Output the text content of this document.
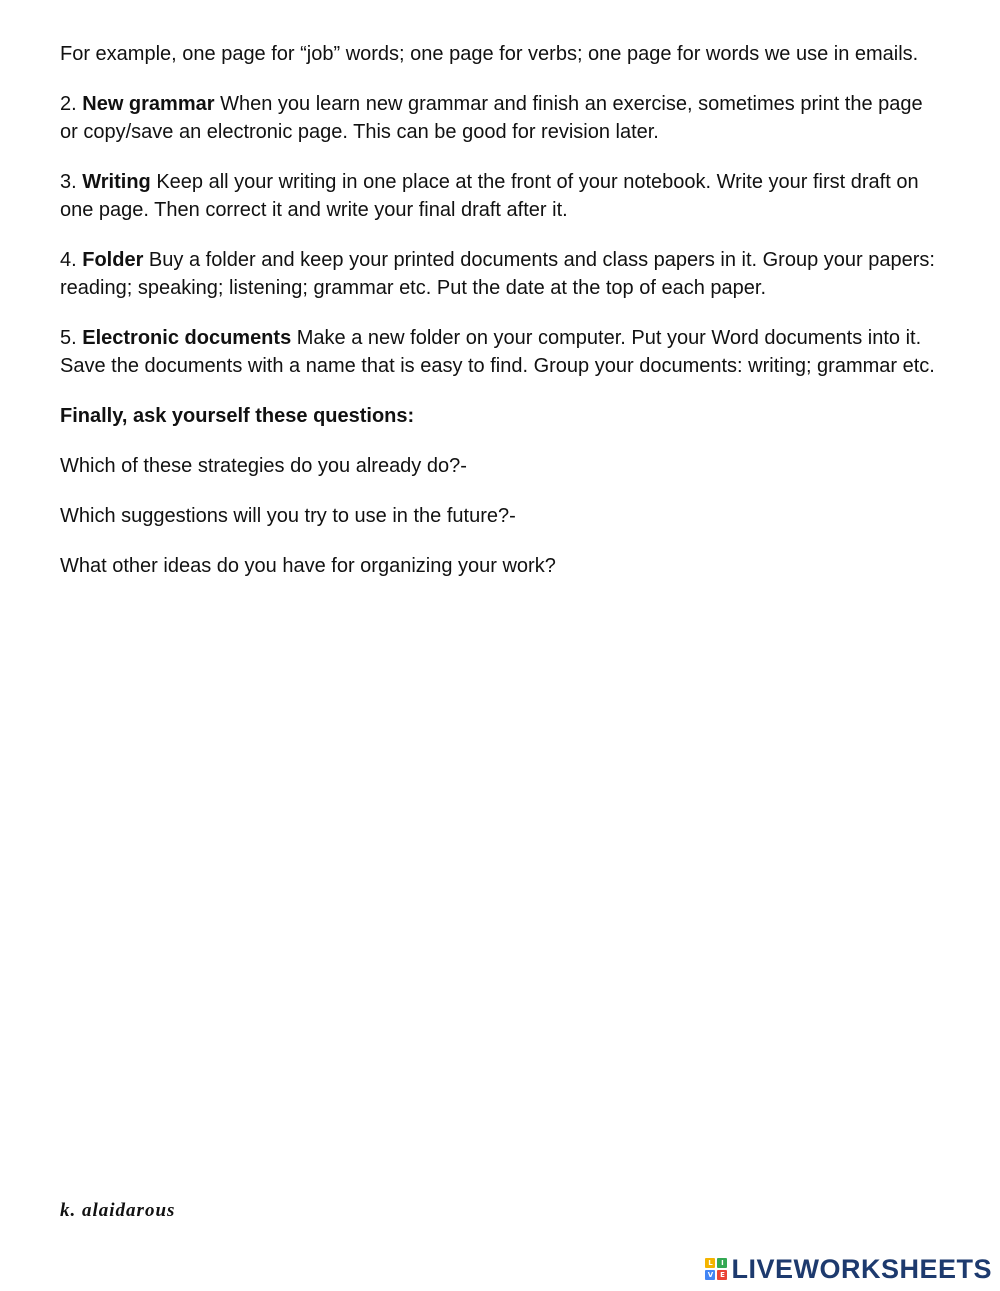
For example, one page for “job” words; one page for verbs; one page for words we use in emails.

2. New grammar When you learn new grammar and finish an exercise, sometimes print the page or copy/save an electronic page. This can be good for revision later.

3. Writing Keep all your writing in one place at the front of your notebook. Write your first draft on one page. Then correct it and write your final draft after it.

4. Folder Buy a folder and keep your printed documents and class papers in it. Group your papers: reading; speaking; listening; grammar etc. Put the date at the top of each paper.

5. Electronic documents Make a new folder on your computer. Put your Word documents into it. Save the documents with a name that is easy to find. Group your documents: writing; grammar etc.

Finally, ask yourself these questions:

Which of these strategies do you already do?-

Which suggestions will you try to use in the future?-

What other ideas do you have for organizing your work?

k. alaidarous
L	I
V E LIVEWORKSHEETS
